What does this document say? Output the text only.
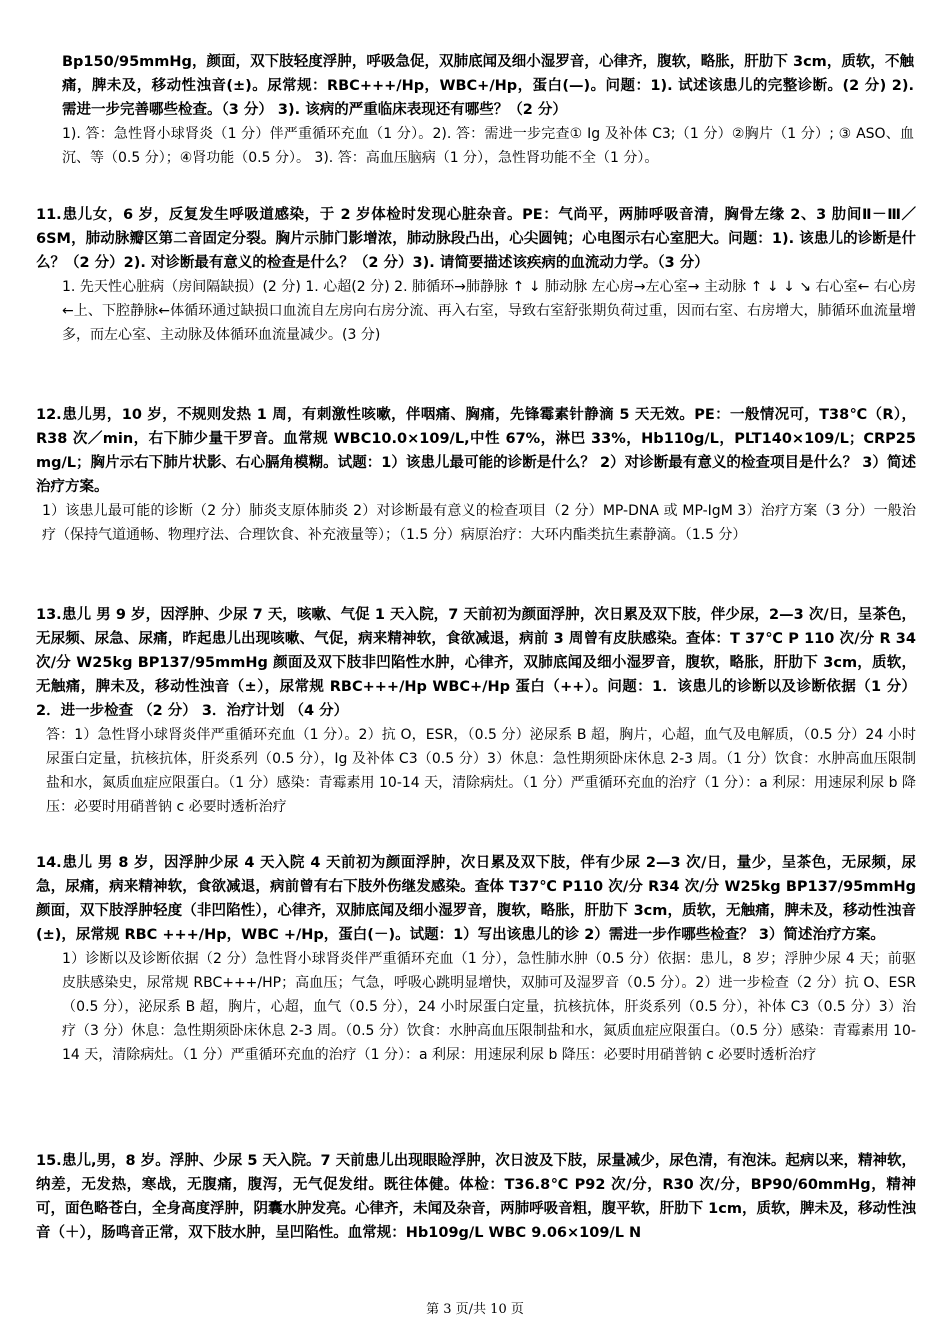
Bp150/95mmHg，颜面，双下肢轻度浮肿，呼吸急促，双肺底闻及细小湿罗音，心律齐，腹软，略胀，肝肋下 3cm，质软，不触痛，脾未及，移动性浊音(±)。尿常规：RBC+++/Hp，WBC+/Hp，蛋白(—)。问题：1). 试述该患儿的完整诊断。(2 分) 2). 需进一步完善哪些检查。（3 分） 3). 该病的严重临床表现还有哪些？（2 分）

1). 答：急性肾小球肾炎（1 分）伴严重循环充血（1 分）。2). 答：需进一步完查① Ig 及补体 C3;（1 分）②胸片（1 分）; ③ ASO、血沉、等（0.5 分）；④肾功能（0.5 分）。 3). 答：高血压脑病（1 分），急性肾功能不全（1 分）。

11.患儿女，6 岁，反复发生呼吸道感染，于 2 岁体检时发现心脏杂音。PE：气尚平，两肺呼吸音清，胸骨左缘 2、3 肋间Ⅱ－Ⅲ／6SM，肺动脉瓣区第二音固定分裂。胸片示肺门影增浓，肺动脉段凸出，心尖圆钝；心电图示右心室肥大。问题：1). 该患儿的诊断是什么？（2 分）2). 对诊断最有意义的检查是什么？（2 分）3). 请简要描述该疾病的血流动力学。（3 分）

1. 先天性心脏病（房间隔缺损）(2 分) 1. 心超(2 分) 2. 肺循环→肺静脉 ↑ ↓ 肺动脉 左心房→左心室→ 主动脉 ↑ ↓ ↓ ↘ 右心室← 右心房←上、下腔静脉←体循环通过缺损口血流自左房向右房分流、再入右室，导致右室舒张期负荷过重，因而右室、右房增大，肺循环血流量增多，而左心室、主动脉及体循环血流量减少。(3 分)

12.患儿男，10 岁，不规则发热 1 周，有刺激性咳嗽，伴咽痛、胸痛，先锋霉素针静滴 5 天无效。PE：一般情况可，T38℃（R），R38 次／min，右下肺少量干罗音。血常规 WBC10.0×109/L,中性 67%，淋巴 33%，Hb110g/L，PLT140×109/L；CRP25 mg/L；胸片示右下肺片状影、右心膈角模糊。试题：1）该患儿最可能的诊断是什么？ 2）对诊断最有意义的检查项目是什么？ 3）简述治疗方案。

1）该患儿最可能的诊断（2 分）肺炎支原体肺炎 2）对诊断最有意义的检查项目（2 分）MP-DNA 或 MP-IgM 3）治疗方案（3 分）一般治疗（保持气道通畅、物理疗法、合理饮食、补充液量等）；（1.5 分）病原治疗：大环内酯类抗生素静滴。（1.5 分）

13.患儿 男 9 岁，因浮肿、少尿 7 天，咳嗽、气促 1 天入院，7 天前初为颜面浮肿，次日累及双下肢，伴少尿，2—3 次/日，呈茶色，无尿频、尿急、尿痛，昨起患儿出现咳嗽、气促，病来精神软，食欲减退，病前 3 周曾有皮肤感染。查体：T 37℃ P 110 次/分 R 34 次/分 W25kg BP137/95mmHg 颜面及双下肢非凹陷性水肿，心律齐，双肺底闻及细小湿罗音，腹软，略胀，肝肋下 3cm，质软，无触痛，脾未及，移动性浊音（±），尿常规 RBC+++/Hp WBC+/Hp 蛋白（++）。问题：1．该患儿的诊断以及诊断依据（1 分） 2．进一步检查 （2 分） 3．治疗计划 （4 分）

答：1）急性肾小球肾炎伴严重循环充血（1 分）。2）抗 O，ESR，（0.5 分）泌尿系 B 超，胸片，心超，血气及电解质，（0.5 分）24 小时尿蛋白定量，抗核抗体，肝炎系列（0.5 分），Ig 及补体 C3（0.5 分）3）休息：急性期须卧床休息 2-3 周。（1 分）饮食：水肿高血压限制盐和水，氮质血症应限蛋白。（1 分）感染：青霉素用 10-14 天，清除病灶。（1 分）严重循环充血的治疗（1 分）：a 利尿：用速尿利尿 b 降压：必要时用硝普钠 c 必要时透析治疗

14.患儿 男 8 岁，因浮肿少尿 4 天入院 4 天前初为颜面浮肿，次日累及双下肢，伴有少尿 2—3 次/日，量少，呈茶色，无尿频，尿急，尿痛，病来精神软，食欲减退，病前曾有右下肢外伤继发感染。查体 T37℃ P110 次/分 R34 次/分 W25kg BP137/95mmHg 颜面，双下肢浮肿轻度（非凹陷性），心律齐，双肺底闻及细小湿罗音，腹软，略胀，肝肋下 3cm，质软，无触痛，脾未及，移动性浊音(±)，尿常规 RBC +++/Hp，WBC +/Hp，蛋白(－)。试题：1）写出该患儿的诊 2）需进一步作哪些检查？ 3）简述治疗方案。

1）诊断以及诊断依据（2 分）急性肾小球肾炎伴严重循环充血（1 分），急性肺水肿（0.5 分）依据：患儿，8 岁；浮肿少尿 4 天；前驱皮肤感染史，尿常规 RBC+++/HP；高血压；气急，呼吸心跳明显增快，双肺可及湿罗音（0.5 分）。2）进一步检查（2 分）抗 O、ESR（0.5 分），泌尿系 B 超，胸片，心超，血气（0.5 分），24 小时尿蛋白定量，抗核抗体，肝炎系列（0.5 分），补体 C3（0.5 分）3）治疗（3 分）休息：急性期须卧床休息 2-3 周。（0.5 分）饮食：水肿高血压限制盐和水，氮质血症应限蛋白。（0.5 分）感染：青霉素用 10-14 天，清除病灶。（1 分）严重循环充血的治疗（1 分）：a 利尿：用速尿利尿 b 降压：必要时用硝普钠 c 必要时透析治疗

15.患儿,男，8 岁。浮肿、少尿 5 天入院。7 天前患儿出现眼睑浮肿，次日波及下肢，尿量减少，尿色清，有泡沫。起病以来，精神软，纳差，无发热，寒战，无腹痛，腹泻，无气促发绀。既往体健。体检：T36.8℃ P92 次/分，R30 次/分，BP90/60mmHg，精神可，面色略苍白，全身高度浮肿，阴囊水肿发亮。心律齐，未闻及杂音，两肺呼吸音粗，腹平软，肝肋下 1cm，质软，脾未及，移动性浊音（＋），肠鸣音正常，双下肢水肿，呈凹陷性。血常规：Hb109g/L WBC 9.06×109/L N

第 3 页/共 10 页
